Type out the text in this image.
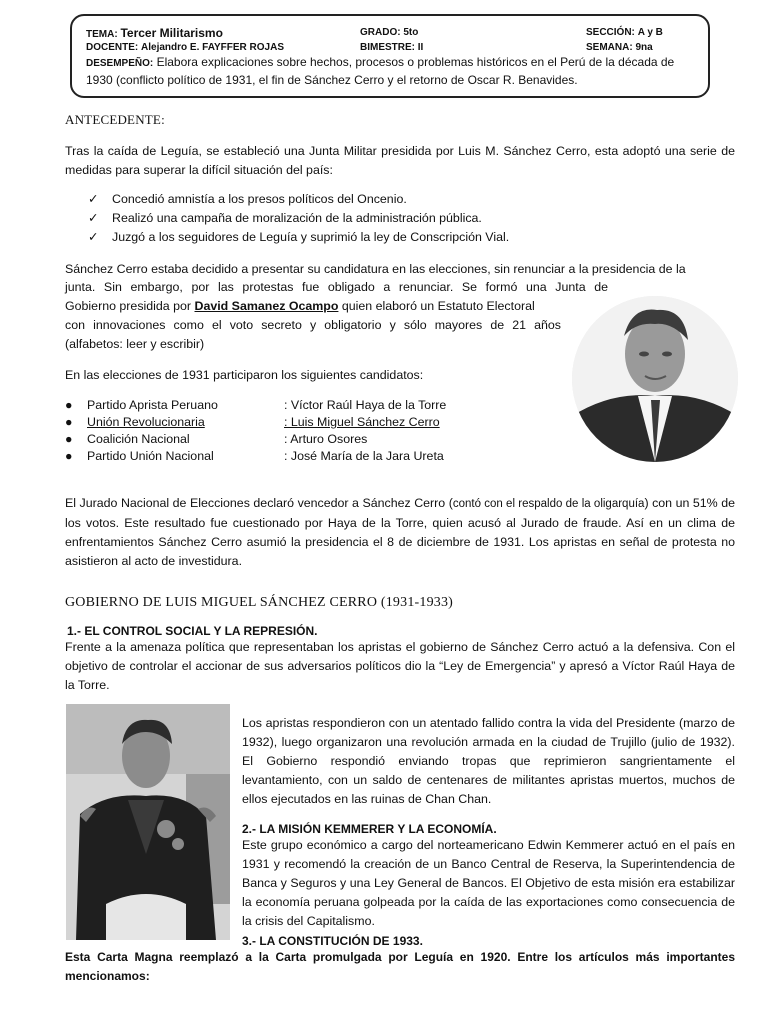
TEMA: Tercer Militarismo	GRADO: 5to	SECCIÓN: A y B
DOCENTE: Alejandro E. FAYFFER ROJAS	BIMESTRE: II	SEMANA: 9na
DESEMPEÑO: Elabora explicaciones sobre hechos, procesos o problemas históricos en el Perú de la década de 1930 (conflicto político de 1931, el fin de Sánchez Cerro y el retorno de Oscar R. Benavides.
ANTECEDENTE:
Tras la caída de Leguía, se estableció una Junta Militar presidida por Luis M. Sánchez Cerro, esta adoptó una serie de medidas para superar la difícil situación del país:
✓ Concedió amnistía a los presos políticos del Oncenio.
✓ Realizó una campaña de moralización de la administración pública.
✓ Juzgó a los seguidores de Leguía y suprimió la ley de Conscripción Vial.
Sánchez Cerro estaba decidido a presentar su candidatura en las elecciones, sin renunciar a la presidencia de la
junta. Sin embargo, por las protestas fue obligado a renunciar. Se formó una Junta de
Gobierno presidida por David Samanez Ocampo quien elaboró un Estatuto Electoral
con innovaciones como el voto secreto y obligatorio y sólo mayores de 21 años
(alfabetos: leer y escribir)
En las elecciones de 1931 participaron los siguientes candidatos:
● Partido Aprista Peruano	: Víctor Raúl Haya de la Torre
● Unión Revolucionaria	: Luis Miguel Sánchez Cerro
● Coalición Nacional	: Arturo Osores
● Partido Unión Nacional	: José María de la Jara Ureta
El Jurado Nacional de Elecciones declaró vencedor a Sánchez Cerro (contó con el respaldo de la oligarquía) con un 51% de los votos. Este resultado fue cuestionado por Haya de la Torre, quien acusó al Jurado de fraude. Así en un clima de enfrentamientos Sánchez Cerro asumió la presidencia el 8 de diciembre de 1931. Los apristas en señal de protesta no asistieron al acto de investidura.
GOBIERNO DE LUIS MIGUEL SÁNCHEZ CERRO (1931-1933)
1.- EL CONTROL SOCIAL Y LA REPRESIÓN.
Frente a la amenaza política que representaban los apristas el gobierno de Sánchez Cerro actuó a la defensiva. Con el objetivo de controlar el accionar de sus adversarios políticos dio la “Ley de Emergencia” y apresó a Víctor Raúl Haya de la Torre.
Los apristas respondieron con un atentado fallido contra la vida del Presidente (marzo de 1932), luego organizaron una revolución armada en la ciudad de Trujillo (julio de 1932). El Gobierno respondió enviando tropas que reprimieron sangrientamente el levantamiento, con un saldo de centenares de militantes apristas muertos, muchos de ellos ejecutados en las ruinas de Chan Chan.
2.- LA MISIÓN KEMMERER Y LA ECONOMÍA.
Este grupo económico a cargo del norteamericano Edwin Kemmerer actuó en el país en 1931 y recomendó la creación de un Banco Central de Reserva, la Superintendencia de Banca y Seguros y una Ley General de Bancos. El Objetivo de esta misión era estabilizar la economía peruana golpeada por la caída de las exportaciones como consecuencia de la crisis del Capitalismo.
3.- LA CONSTITUCIÓN DE 1933.
Esta Carta Magna reemplazó a la Carta promulgada por Leguía en 1920. Entre los artículos más importantes mencionamos:
